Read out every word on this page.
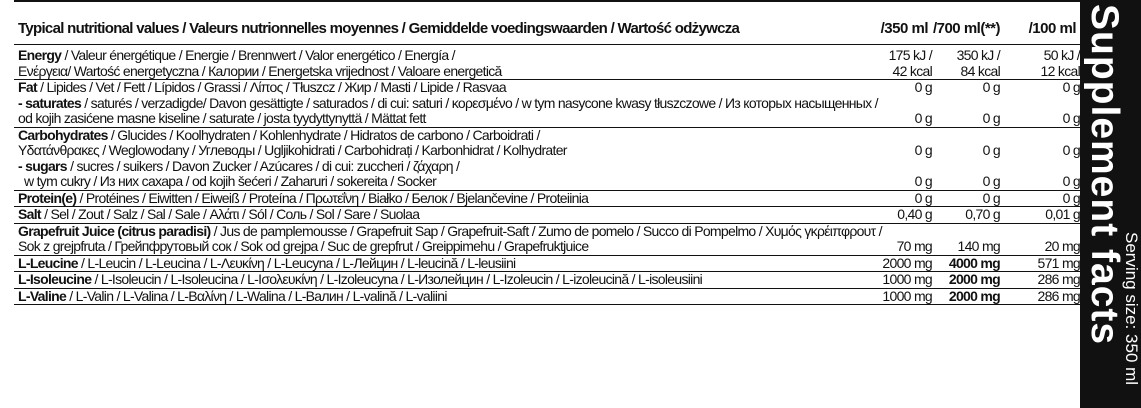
Typical nutritional values / Valeurs nutrionnelles moyennes / Gemiddelde voedingswaarden / Wartość odżywcza	/350 ml /700 ml(**) /100 ml
Energy / Valeur énergétique / Energie / Brennwert / Valor energético / Energía /	175 kJ /	350 kJ /	50 kJ /
Ενέργεια/ Wartość energetyczna / Калории / Energetska vrijednost / Valoare energetică	42 kcal	84 kcal	12 kcal
Fat / Lipides / Vet / Fett / Lípidos / Grassi / Λίπος / Tłuszcz / Жир / Masti / Lipide / Rasvaa	0 g	0 g	0 g
- saturates / saturés / verzadigde/ Davon gesättigte / saturados / di cui: saturi / κορεσμένο / w tym nasycone kwasy tłuszczowe / Из которых насыщенных /
od kojih zasićene masne kiseline / saturate / josta tyydyttynyttä / Mättat fett	0 g	0 g	0 g
Carbohydrates / Glucides / Koolhydraten / Kohlenhydrate / Hidratos de carbono / Carboidrati /
Υδατάνθρακες / Weglowodany / Углеводы / Ugljikohidrati / Carbohidrați / Karbonhidrat / Kolhydrater	0 g	0 g	0 g
- sugars / sucres / suikers / Davon Zucker / Azúcares / di cui: zuccheri / ζάχαρη /
w tym cukry / Из них сахара / od kojih šećeri / Zaharuri / sokereita / Socker	0 g	0 g	0 g
Protein(e) / Protéines / Eiwitten / Eiweiß / Proteína / Πρωτεΐνη / Białko / Белок / Bjelančevine / Proteiinia	0 g	0 g	0 g
Salt / Sel / Zout / Salz / Sal / Sale / Αλάτι / Sól / Соль / Sol / Sare / Suolaa	0,40 g	0,70 g	0,01 g
Grapefruit Juice (citrus paradisi) / Jus de pamplemousse / Grapefruit Sap / Grapefruit-Saft / Zumo de pomelo / Succo di Pompelmo / Χυμός γκρέιπφρουτ /
Sok z grejpfruta / Грейпфрутовый сок / Sok od grejpa / Suc de grepfrut / Greippimehu / Grapefruktjuice	70 mg	140 mg	20 mg
L-Leucine / L-Leucin / L-Leucina / L-Λευκίνη / L-Leucyna / L-Лейцин / L-leucină / L-leusiini	2000 mg	4000 mg	571 mg
L-Isoleucine / L-Isoleucin / L-Isoleucina / L-Ισολευκίνη / L-Izoleucyna / L-Изолейцин / L-Izoleucin / L-izoleucină / L-isoleusiini	1000 mg	2000 mg	286 mg
L-Valine / L-Valin / L-Valina / L-Βαλίνη / L-Walina / L-Валин / L-valină / L-valiini	1000 mg	2000 mg	286 mg Supplement facts
Serving size: 350 ml
